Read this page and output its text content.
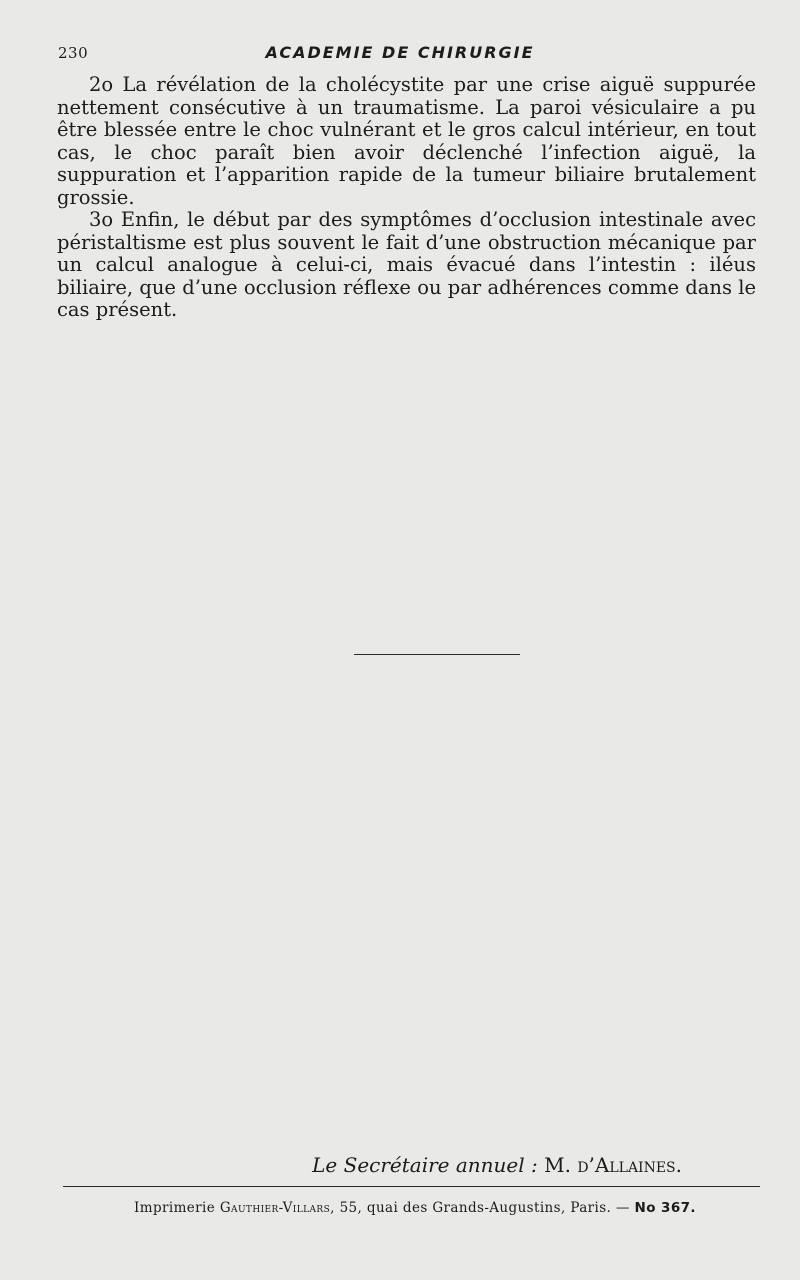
230	ACADEMIE DE CHIRURGIE

2o La révélation de la cholécystite par une crise aiguë suppurée nettement consécutive à un traumatisme. La paroi vésiculaire a pu être blessée entre le choc vulnérant et le gros calcul intérieur, en tout cas, le choc paraît bien avoir déclenché l’infection aiguë, la suppuration et l’apparition rapide de la tumeur biliaire brutalement grossie.

3o Enfin, le début par des symptômes d’occlusion intestinale avec péristaltisme est plus souvent le fait d’une obstruction mécanique par un calcul analogue à celui-ci, mais évacué dans l’intestin : iléus biliaire, que d’une occlusion réflexe ou par adhérences comme dans le cas présent.

Le Secrétaire annuel : M. d’Allaines.
Imprimerie Gauthier-Villars, 55, quai des Grands-Augustins, Paris. — No 367.
